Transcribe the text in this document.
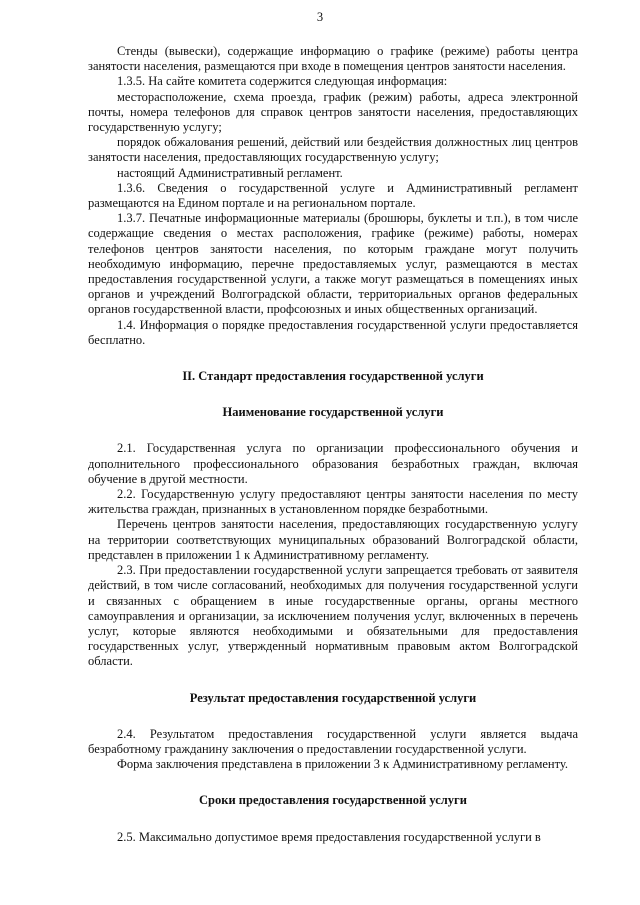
3

Стенды (вывески), содержащие информацию о графике (режиме) работы центра занятости населения, размещаются при входе в помещения центров занятости населения.

1.3.5. На сайте комитета содержится следующая информация:

месторасположение, схема проезда, график (режим) работы, адреса электронной почты, номера телефонов для справок центров занятости населения, предоставляющих государственную услугу;

порядок обжалования решений, действий или бездействия должностных лиц центров занятости населения, предоставляющих государственную услугу;

настоящий Административный регламент.

1.3.6. Сведения о государственной услуге и Административный регламент размещаются на Едином портале и на региональном портале.

1.3.7. Печатные информационные материалы (брошюры, буклеты и т.п.), в том числе содержащие сведения о местах расположения, графике (режиме) работы, номерах телефонов центров занятости населения, по которым граждане могут получить необходимую информацию, перечне предоставляемых услуг, размещаются в местах предоставления государственной услуги, а также могут размещаться в помещениях иных органов и учреждений Волгоградской области, территориальных органов федеральных органов государственной власти, профсоюзных и иных общественных организаций.

1.4. Информация о порядке предоставления государственной услуги предоставляется бесплатно.

II. Стандарт предоставления государственной услуги
Наименование государственной услуги

2.1. Государственная услуга по организации профессионального обучения и дополнительного профессионального образования безработных граждан, включая обучение в другой местности.

2.2. Государственную услугу предоставляют центры занятости населения по месту жительства граждан, признанных в установленном порядке безработными.

Перечень центров занятости населения, предоставляющих государственную услугу на территории соответствующих муниципальных образований Волгоградской области, представлен в приложении 1 к Административному регламенту.

2.3. При предоставлении государственной услуги запрещается требовать от заявителя действий, в том числе согласований, необходимых для получения государственной услуги и связанных с обращением в иные государственные органы, органы местного самоуправления и организации, за исключением получения услуг, включенных в перечень услуг, которые являются необходимыми и обязательными для предоставления государственных услуг, утвержденный нормативным правовым актом Волгоградской области.

Результат предоставления государственной услуги

2.4. Результатом предоставления государственной услуги является выдача безработному гражданину заключения о предоставлении государственной услуги.

Форма заключения представлена в приложении 3 к Административному регламенту.

Сроки предоставления государственной услуги

2.5. Максимально допустимое время предоставления государственной услуги в
